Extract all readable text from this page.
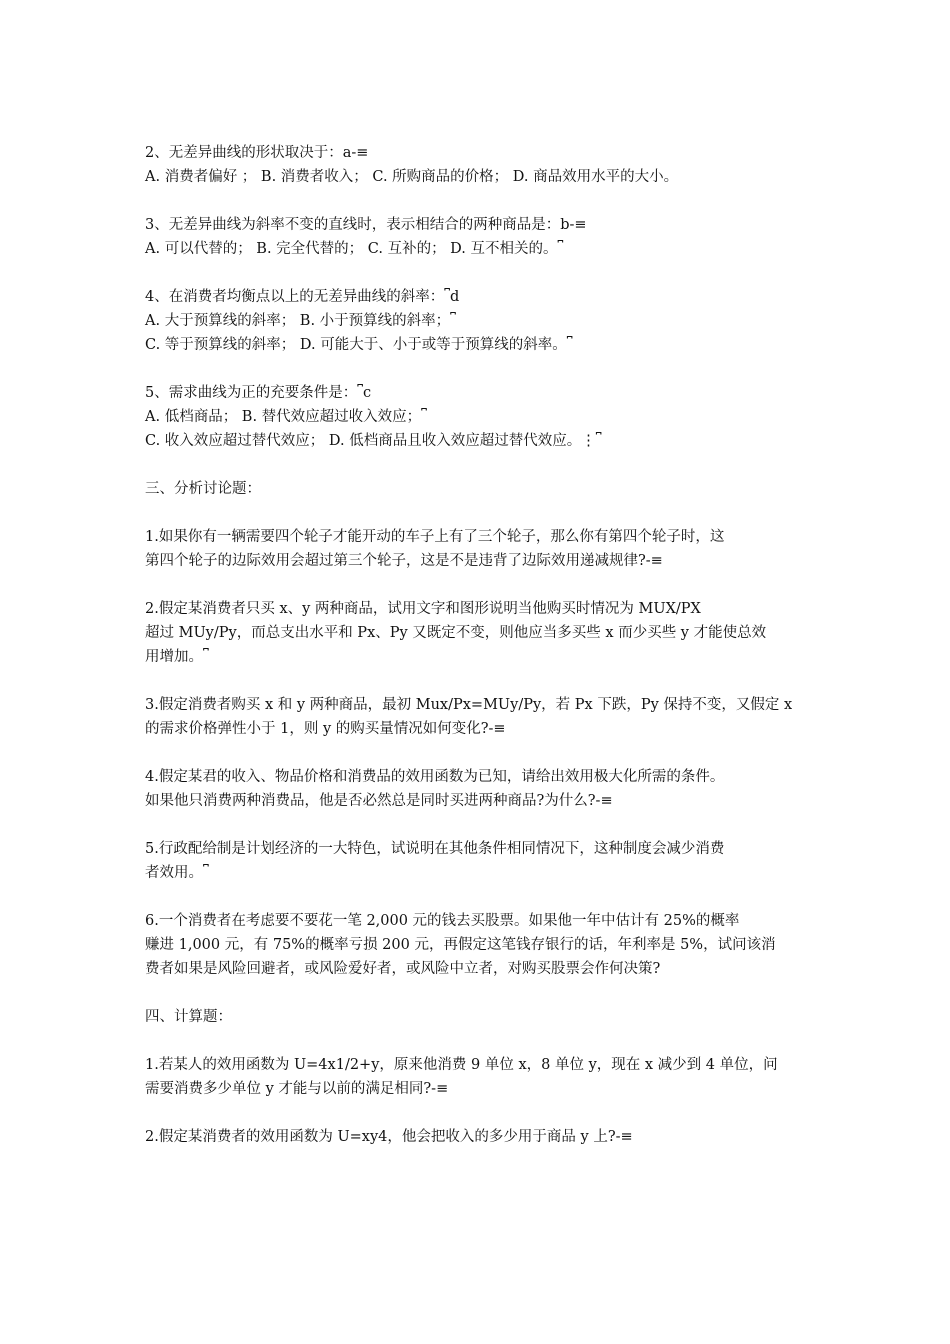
2、无差异曲线的形状取决于：a-≡

A. 消费者偏好 ； B. 消费者收入； C. 所购商品的价格； D. 商品效用水平的大小。

3、无差异曲线为斜率不变的直线时，表示相结合的两种商品是：b-≡

A. 可以代替的； B. 完全代替的； C. 互补的； D. 互不相关的。⎴

4、在消费者均衡点以上的无差异曲线的斜率：⎴d

A. 大于预算线的斜率； B. 小于预算线的斜率；⎴

C. 等于预算线的斜率； D. 可能大于、小于或等于预算线的斜率。⎴

5、需求曲线为正的充要条件是：⎴c

A. 低档商品； B. 替代效应超过收入效应；⎴

C. 收入效应超过替代效应； D. 低档商品且收入效应超过替代效应。⋮⎴

三、分析讨论题：

1.如果你有一辆需要四个轮子才能开动的车子上有了三个轮子，那么你有第四个轮子时，这

第四个轮子的边际效用会超过第三个轮子，这是不是违背了边际效用递减规律?-≡

2.假定某消费者只买 x、y 两种商品，试用文字和图形说明当他购买时情况为 MUX/PX

超过 MUy/Py，而总支出水平和 Px、Py 又既定不变，则他应当多买些 x 而少买些 y 才能使总效

用增加。⎴

3.假定消费者购买 x 和 y 两种商品，最初 Mux/Px=MUy/Py，若 Px 下跌，Py 保持不变，又假定 x

的需求价格弹性小于 1，则 y 的购买量情况如何变化?-≡

4.假定某君的收入、物品价格和消费品的效用函数为已知，请给出效用极大化所需的条件。

如果他只消费两种消费品，他是否必然总是同时买进两种商品?为什么?-≡

5.行政配给制是计划经济的一大特色，试说明在其他条件相同情况下，这种制度会减少消费

者效用。⎴

6.一个消费者在考虑要不要花一笔 2,000 元的钱去买股票。如果他一年中估计有 25%的概率

赚进 1,000 元，有 75%的概率亏损 200 元，再假定这笔钱存银行的话，年利率是 5%，试问该消

费者如果是风险回避者，或风险爱好者，或风险中立者，对购买股票会作何决策?

四、计算题：

1.若某人的效用函数为 U=4x1/2+y，原来他消费 9 单位 x，8 单位 y，现在 x 减少到 4 单位，问

需要消费多少单位 y 才能与以前的满足相同?-≡

2.假定某消费者的效用函数为 U=xy4，他会把收入的多少用于商品 y 上?-≡
